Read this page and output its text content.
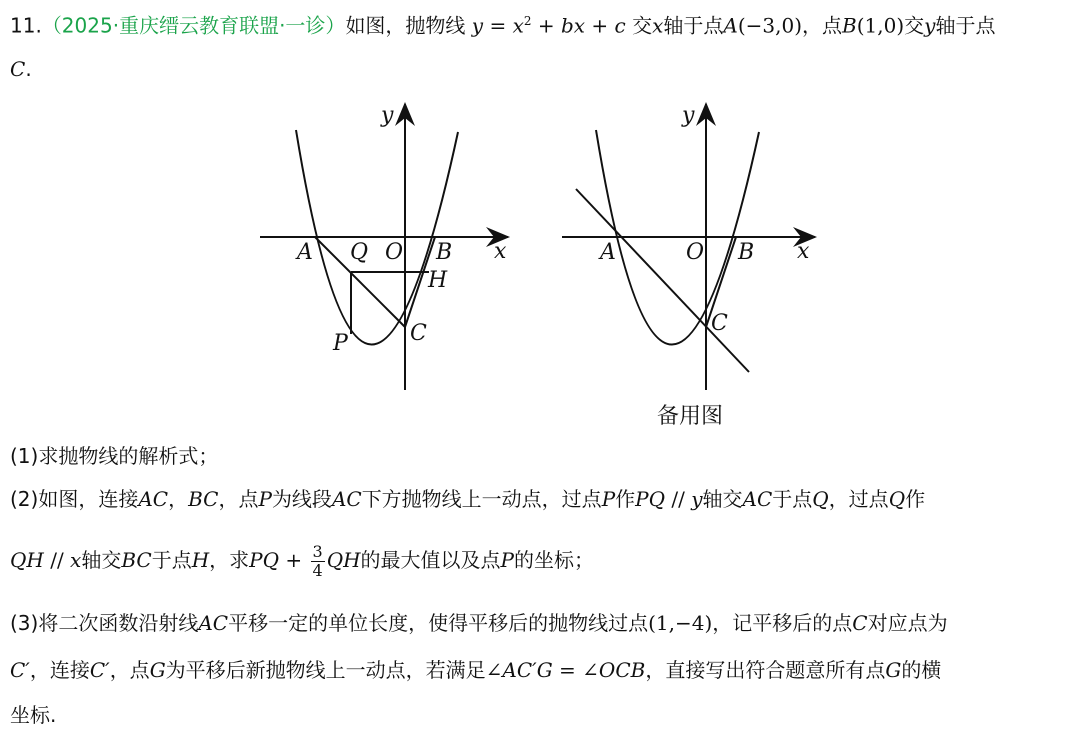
11.（2025·重庆缙云教育联盟·一诊）如图，抛物线 $y = x^2$ + bx + c 交x轴于点A(−3,0)，点B(1,0)交y轴于点
C.
y
x
A Q O B
H
C
P
y
x
A	O B
C
备用图
(1)求抛物线的解析式；
(2)如图，连接AC，BC，点P为线段AC下方抛物线上一动点，过点P作PQ // y轴交AC于点Q，过点Q作
QH // x轴交BC于点H，求PQ + $\frac{3}{4}$ QH的最大值以及点P的坐标；
(3)将二次函数沿射线AC平移一定的单位长度，使得平移后的抛物线过点(1,−4)，记平移后的点C对应点为
C′，连接C′，点G为平移后新抛物线上一动点，若满足∠AC′G = ∠OCB，直接写出符合题意所有点G的横
坐标.
